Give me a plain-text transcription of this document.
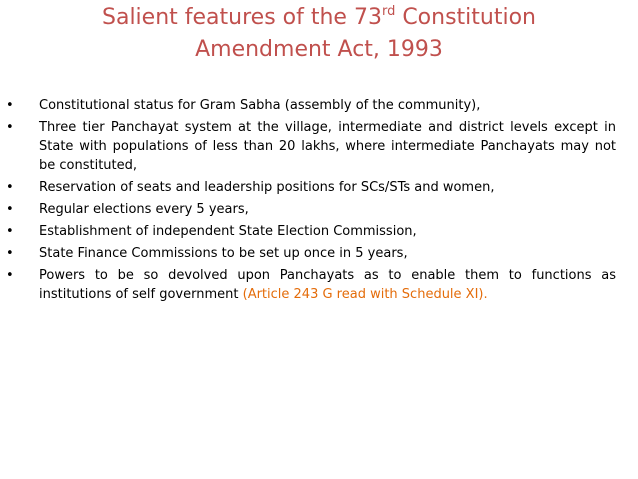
Salient features of the 73rd Constitution
Amendment Act, 1993
• Constitutional status for Gram Sabha (assembly of the community),
• Three tier Panchayat system at the village, intermediate and district levels except in State with populations of less than 20 lakhs, where intermediate Panchayats may not be constituted,
• Reservation of seats and leadership positions for SCs/STs and women,
• Regular elections every 5 years,
• Establishment of independent State Election Commission,
• State Finance Commissions to be set up once in 5 years,
• Powers to be so devolved upon Panchayats as to enable them to functions as institutions of self government (Article 243 G read with Schedule XI).
